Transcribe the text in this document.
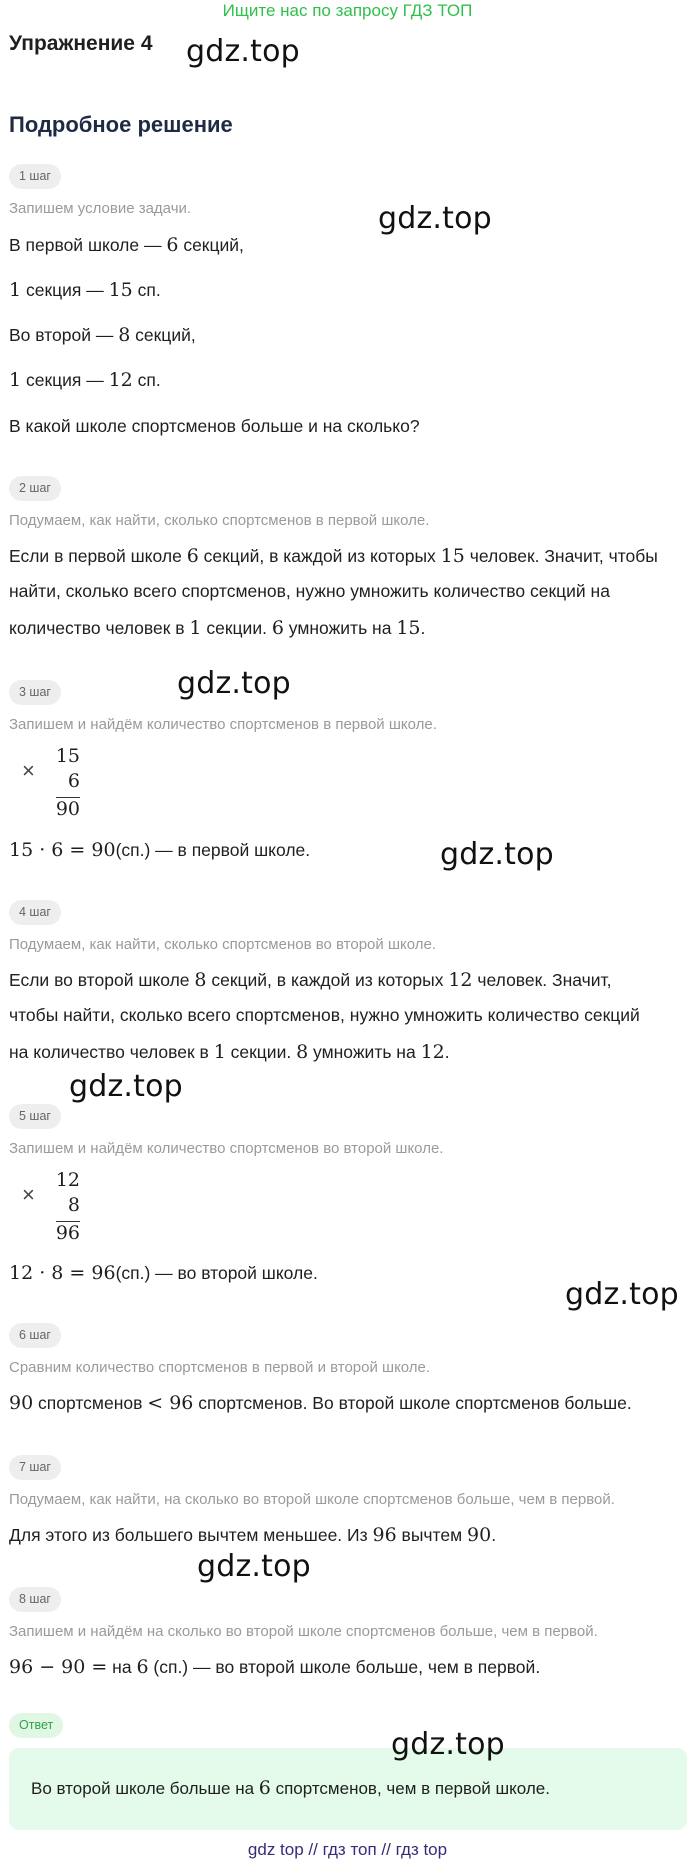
Ищите нас по запросу ГДЗ ТОП
Упражнение 4 gdz.top
Подробное решение
1 шаг
Запишем условие задачи.	gdz.top
В первой школе — 6 секций,
1 секция — 15 сп.
Во второй — 8 секций,
1 секция — 12 сп.
В какой школе спортсменов больше и на сколько?
2 шаг
Подумаем, как найти, сколько спортсменов в первой школе.
Если в первой школе 6 секций, в каждой из которых 15 человек. Значит, чтобы
найти, сколько всего спортсменов, нужно умножить количество секций на
количество человек в 1 секции. 6 умножить на 15.
3 шаг	gdz.top
Запишем и найдём количество спортсменов в первой школе.
×
15
6
90
15 · 6 = 90(сп.) — в первой школе.	gdz.top
4 шаг
Подумаем, как найти, сколько спортсменов во второй школе.
Если во второй школе 8 секций, в каждой из которых 12 человек. Значит,
чтобы найти, сколько всего спортсменов, нужно умножить количество секций
на количество человек в 1 секции. 8 умножить на 12.
gdz.top
5 шаг
Запишем и найдём количество спортсменов во второй школе.
×
12
8
96
12 · 8 = 96(сп.) — во второй школе.
gdz.top
6 шаг
Сравним количество спортсменов в первой и второй школе.
90 спортсменов < 96 спортсменов. Во второй школе спортсменов больше.
7 шаг
Подумаем, как найти, на сколько во второй школе спортсменов больше, чем в первой.
Для этого из большего вычтем меньшее. Из 96 вычтем 90.
gdz.top
8 шаг
Запишем и найдём на сколько во второй школе спортсменов больше, чем в первой.
96 − 90 = на 6 (сп.) — во второй школе больше, чем в первой.
Ответ
gdz.top
Во второй школе больше на 6 спортсменов, чем в первой школе.
gdz top // гдз топ // гдз top
